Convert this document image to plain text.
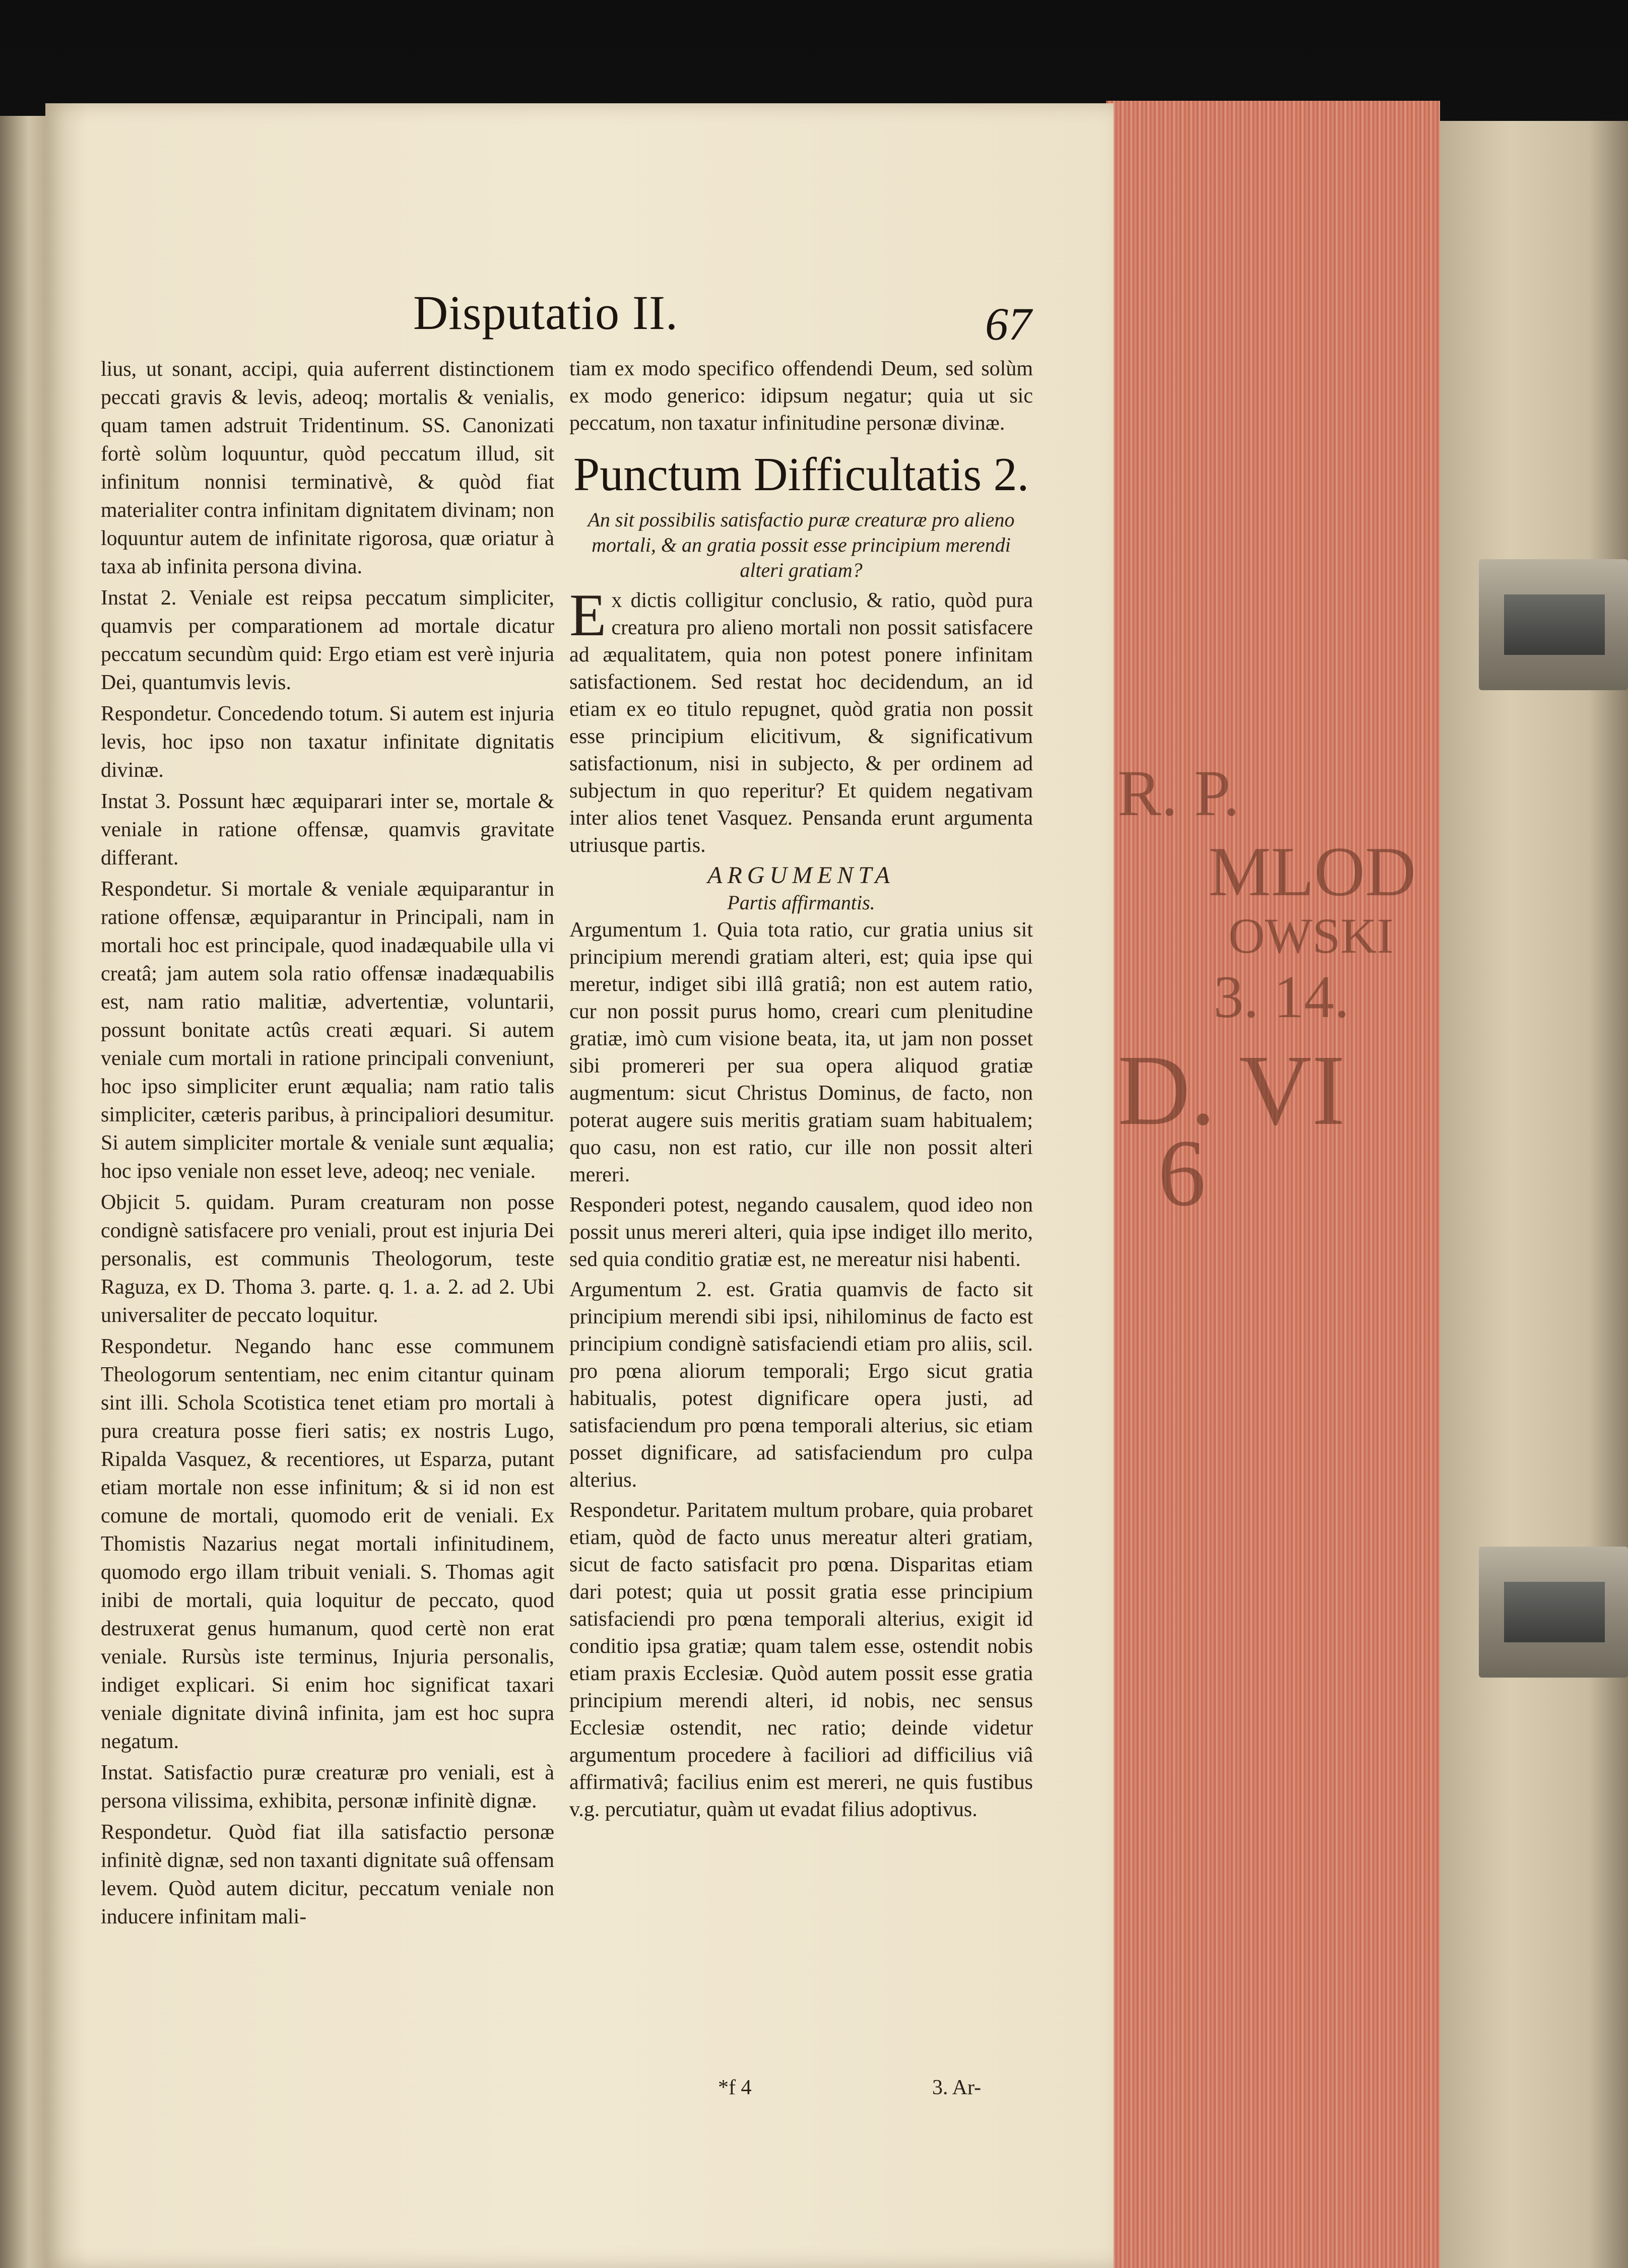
R. P.
MLOD
OWSKI
3. 14.
D. VI
6
Disputatio II.	67

lius, ut sonant, accipi, quia auferrent distinctionem peccati gravis & levis, adeoq; mortalis & venialis, quam tamen adstruit Tridentinum. SS. Canonizati fortè solùm loquuntur, quòd peccatum illud, sit infinitum nonnisi terminativè, & quòd fiat materialiter contra infinitam dignitatem divinam; non loquuntur autem de infinitate rigorosa, quæ oriatur à taxa ab infinita persona divina.

Instat 2. Veniale est reipsa peccatum simpliciter, quamvis per comparationem ad mortale dicatur peccatum secundùm quid: Ergo etiam est verè injuria Dei, quantumvis levis.

Respondetur. Concedendo totum. Si autem est injuria levis, hoc ipso non taxatur infinitate dignitatis divinæ.

Instat 3. Possunt hæc æquiparari inter se, mortale & veniale in ratione offensæ, quamvis gravitate differant.

Respondetur. Si mortale & veniale æquiparantur in ratione offensæ, æquiparantur in Principali, nam in mortali hoc est principale, quod inadæquabile ulla vi creatâ; jam autem sola ratio offensæ inadæquabilis est, nam ratio malitiæ, advertentiæ, voluntarii, possunt bonitate actûs creati æquari. Si autem veniale cum mortali in ratione principali conveniunt, hoc ipso simpliciter erunt æqualia; nam ratio talis simpliciter, cæteris paribus, à principaliori desumitur. Si autem simpliciter mortale & veniale sunt æqualia; hoc ipso veniale non esset leve, adeoq; nec veniale.

Objicit 5. quidam. Puram creaturam non posse condignè satisfacere pro veniali, prout est injuria Dei personalis, est communis Theologorum, teste Raguza, ex D. Thoma 3. parte. q. 1. a. 2. ad 2. Ubi universaliter de peccato loquitur.

Respondetur. Negando hanc esse communem Theologorum sententiam, nec enim citantur quinam sint illi. Schola Scotistica tenet etiam pro mortali à pura creatura posse fieri satis; ex nostris Lugo, Ripalda Vasquez, & recentiores, ut Esparza, putant etiam mortale non esse infinitum; & si id non est comune de mortali, quomodo erit de veniali. Ex Thomistis Nazarius negat mortali infinitudinem, quomodo ergo illam tribuit veniali. S. Thomas agit inibi de mortali, quia loquitur de peccato, quod destruxerat genus humanum, quod certè non erat veniale. Rursùs iste terminus, Injuria personalis, indiget explicari. Si enim hoc significat taxari veniale dignitate divinâ infinita, jam est hoc supra negatum.

Instat. Satisfactio puræ creaturæ pro veniali, est à persona vilissima, exhibita, personæ infinitè dignæ.

Respondetur. Quòd fiat illa satisfactio personæ infinitè dignæ, sed non taxanti dignitate suâ offensam levem. Quòd autem dicitur, peccatum veniale non inducere infinitam mali-

tiam ex modo specifico offendendi Deum, sed solùm ex modo generico: idipsum negatur; quia ut sic peccatum, non taxatur infinitudine personæ divinæ.

Punctum Difficultatis 2.
An sit possibilis satisfactio puræ creaturæ pro alieno mortali, & an gratia possit esse principium merendi alteri gratiam?

Ex dictis colligitur conclusio, & ratio, quòd pura creatura pro alieno mortali non possit satisfacere ad æqualitatem, quia non potest ponere infinitam satisfactionem. Sed restat hoc decidendum, an id etiam ex eo titulo repugnet, quòd gratia non possit esse principium elicitivum, & significativum satisfactionum, nisi in subjecto, & per ordinem ad subjectum in quo reperitur? Et quidem negativam inter alios tenet Vasquez. Pensanda erunt argumenta utriusque partis.

ARGUMENTA
Partis affirmantis.

Argumentum 1. Quia tota ratio, cur gratia unius sit principium merendi gratiam alteri, est; quia ipse qui meretur, indiget sibi illâ gratiâ; non est autem ratio, cur non possit purus homo, creari cum plenitudine gratiæ, imò cum visione beata, ita, ut jam non posset sibi promereri per sua opera aliquod gratiæ augmentum: sicut Christus Dominus, de facto, non poterat augere suis meritis gratiam suam habitualem; quo casu, non est ratio, cur ille non possit alteri mereri.

Responderi potest, negando causalem, quod ideo non possit unus mereri alteri, quia ipse indiget illo merito, sed quia conditio gratiæ est, ne mereatur nisi habenti.

Argumentum 2. est. Gratia quamvis de facto sit principium merendi sibi ipsi, nihilominus de facto est principium condignè satisfaciendi etiam pro aliis, scil. pro pœna aliorum temporali; Ergo sicut gratia habitualis, potest dignificare opera justi, ad satisfaciendum pro pœna temporali alterius, sic etiam posset dignificare, ad satisfaciendum pro culpa alterius.

Respondetur. Paritatem multum probare, quia probaret etiam, quòd de facto unus mereatur alteri gratiam, sicut de facto satisfacit pro pœna. Disparitas etiam dari potest; quia ut possit gratia esse principium satisfaciendi pro pœna temporali alterius, exigit id conditio ipsa gratiæ; quam talem esse, ostendit nobis etiam praxis Ecclesiæ. Quòd autem possit esse gratia principium merendi alteri, id nobis, nec sensus Ecclesiæ ostendit, nec ratio; deinde videtur argumentum procedere à faciliori ad difficilius viâ affirmativâ; facilius enim est mereri, ne quis fustibus v.g. percutiatur, quàm ut evadat filius adoptivus.

*f 4	3. Ar-
